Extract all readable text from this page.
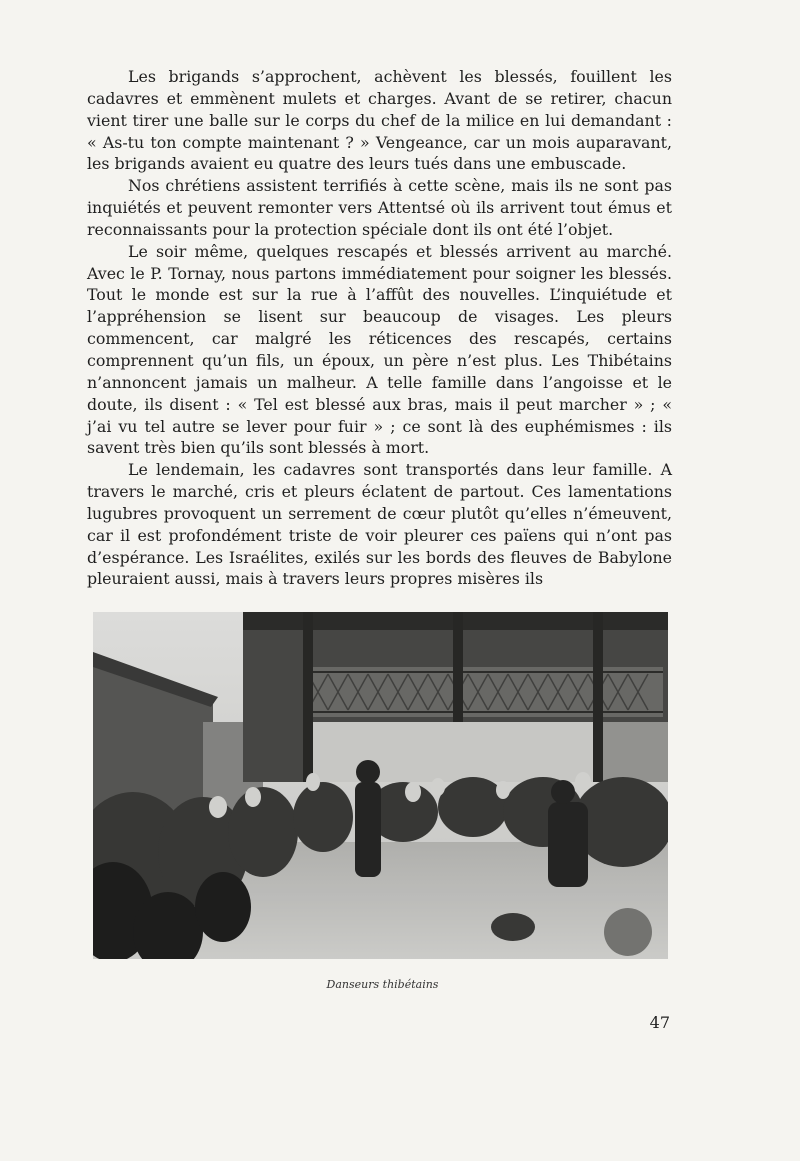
Les brigands s’approchent, achèvent les blessés, fouillent les cadavres et emmènent mulets et charges. Avant de se retirer, chacun vient tirer une balle sur le corps du chef de la milice en lui demandant : « As-tu ton compte maintenant ? » Vengeance, car un mois auparavant, les brigands avaient eu quatre des leurs tués dans une embuscade.

Nos chrétiens assistent terrifiés à cette scène, mais ils ne sont pas inquiétés et peuvent remonter vers Attentsé où ils arrivent tout émus et reconnaissants pour la protection spéciale dont ils ont été l’objet.

Le soir même, quelques rescapés et blessés arrivent au marché. Avec le P. Tornay, nous partons immédiatement pour soigner les blessés. Tout le monde est sur la rue à l’affût des nouvelles. L’inquiétude et l’appréhension se lisent sur beaucoup de visages. Les pleurs commencent, car malgré les réticences des rescapés, certains comprennent qu’un fils, un époux, un père n’est plus. Les Thibétains n’annoncent jamais un malheur. A telle famille dans l’angoisse et le doute, ils disent : « Tel est blessé aux bras, mais il peut marcher » ; « j’ai vu tel autre se lever pour fuir » ; ce sont là des euphémismes : ils savent très bien qu’ils sont blessés à mort.

Le lendemain, les cadavres sont transportés dans leur famille. A travers le marché, cris et pleurs éclatent de partout. Ces lamentations lugubres provoquent un serrement de cœur plutôt qu’elles n’émeuvent, car il est profondément triste de voir pleurer ces païens qui n’ont pas d’espérance. Les Israélites, exilés sur les bords des fleuves de Babylone pleuraient aussi, mais à travers leurs propres misères ils

Danseurs thibétains
47
